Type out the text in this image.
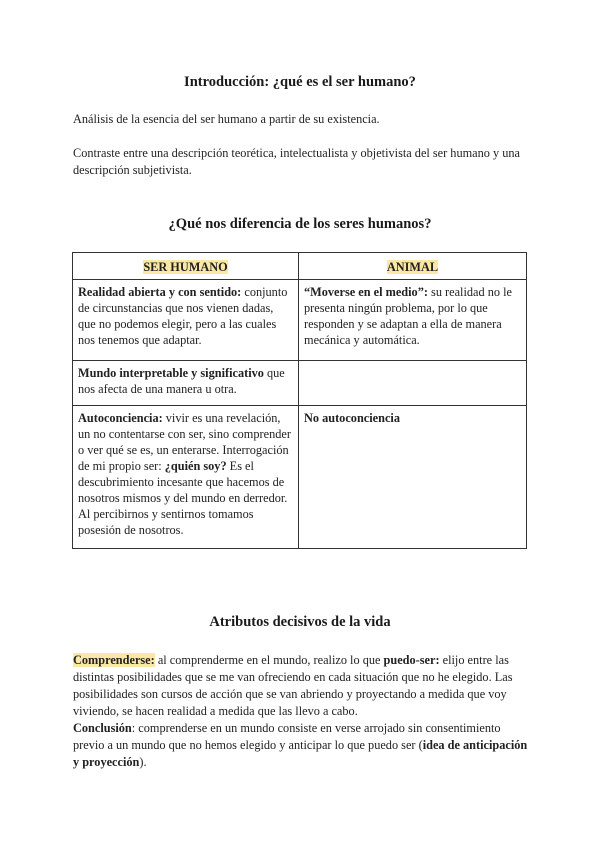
Introducción: ¿qué es el ser humano?
Análisis de la esencia del ser humano a partir de su existencia.
Contraste entre una descripción teorética, intelectualista y objetivista del ser humano y una descripción subjetivista.
¿Qué nos diferencia de los seres humanos?
SER HUMANO	ANIMAL
Realidad abierta y con sentido: conjunto de circunstancias que nos vienen dadas, que no podemos elegir, pero a las cuales nos tenemos que adaptar.	“Moverse en el medio”: su realidad no le presenta ningún problema, por lo que responden y se adaptan a ella de manera mecánica y automática.
Mundo interpretable y significativo que nos afecta de una manera u otra.	
Autoconciencia: vivir es una revelación, un no contentarse con ser, sino comprender o ver qué se es, un enterarse. Interrogación de mi propio ser: ¿quién soy? Es el descubrimiento incesante que hacemos de nosotros mismos y del mundo en derredor. Al percibirnos y sentirnos tomamos posesión de nosotros.	No autoconciencia
Atributos decisivos de la vida

Comprenderse: al comprenderme en el mundo, realizo lo que puedo-ser: elijo entre las distintas posibilidades que se me van ofreciendo en cada situación que no he elegido. Las posibilidades son cursos de acción que se van abriendo y proyectando a medida que voy viviendo, se hacen realidad a medida que las llevo a cabo.

Conclusión: comprenderse en un mundo consiste en verse arrojado sin consentimiento previo a un mundo que no hemos elegido y anticipar lo que puedo ser (idea de anticipación y proyección).
